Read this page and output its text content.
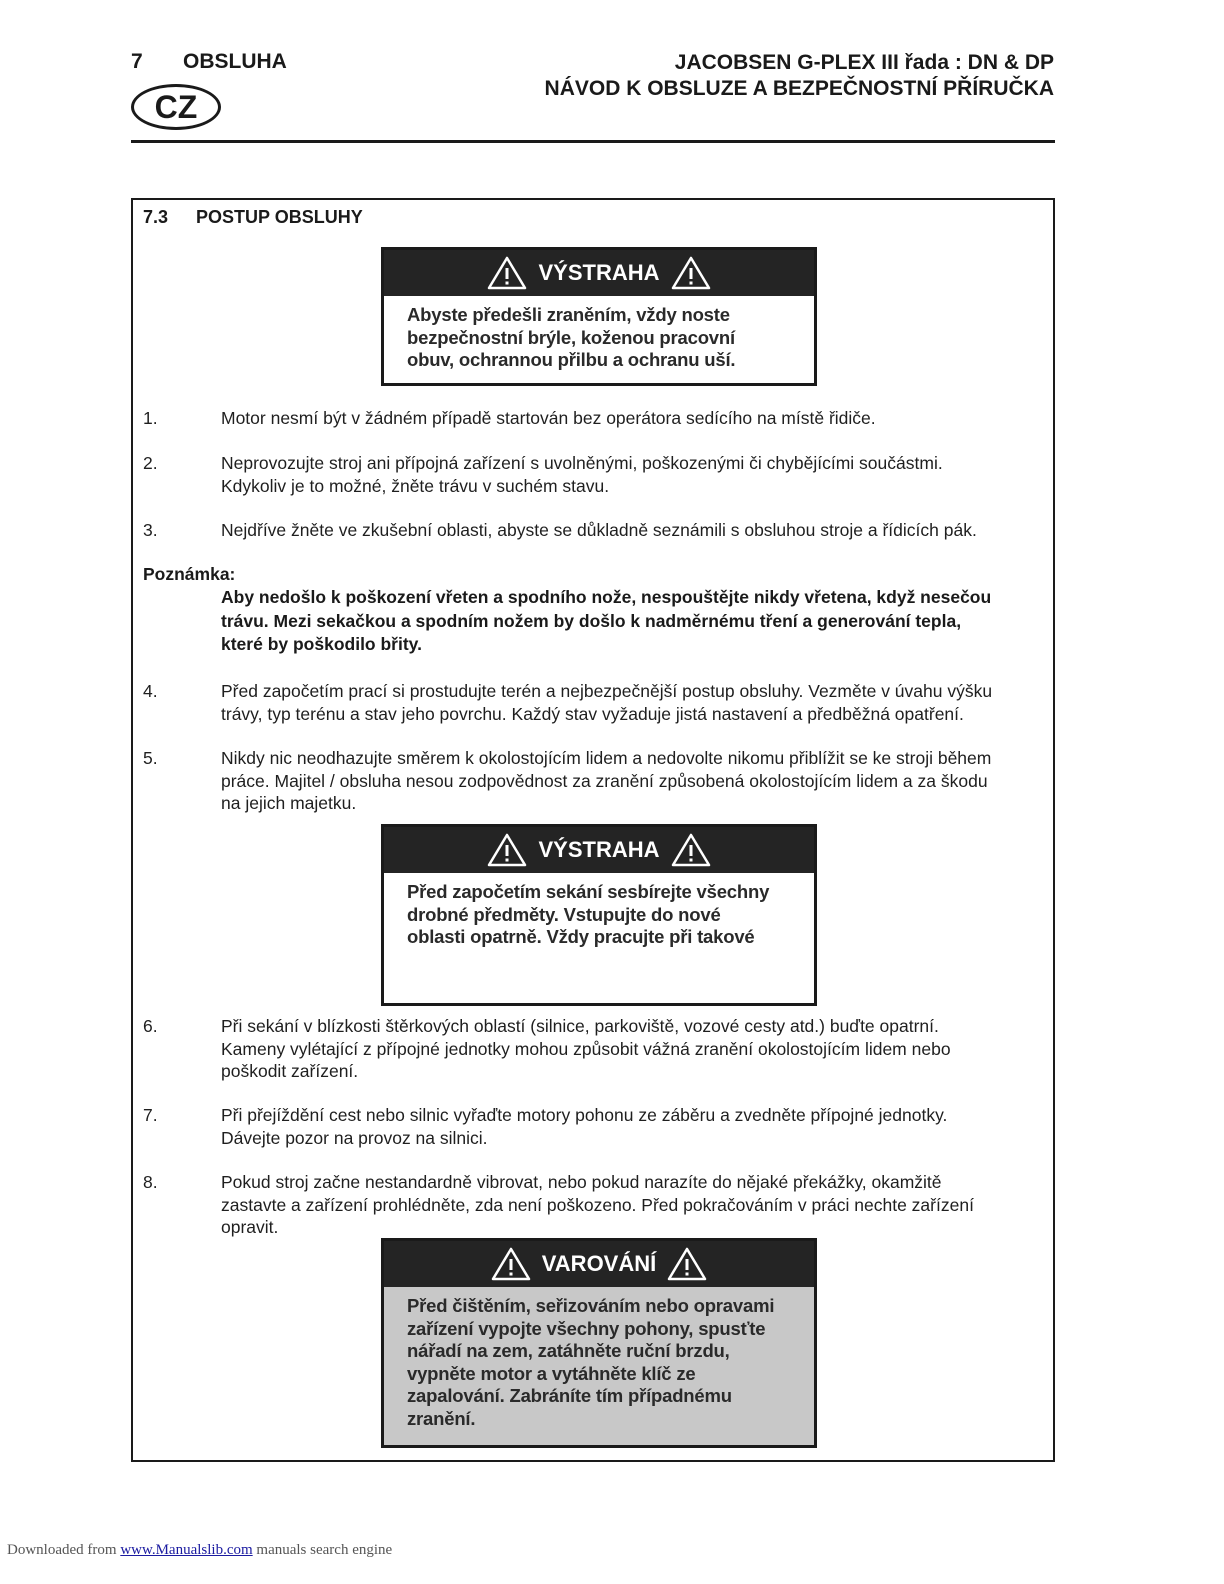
7 OBSLUHA
CZ
JACOBSEN G-PLEX III řada : DN & DP
NÁVOD K OBSLUZE A BEZPEČNOSTNÍ PŘÍRUČKA
7.3 POSTUP OBSLUHY
VÝSTRAHA
Abyste předešli zraněním, vždy noste
bezpečnostní brýle, koženou pracovní
obuv, ochrannou přilbu a ochranu uší.
1.	Motor nesmí být v žádném případě startován bez operátora sedícího na místě řidiče.
2.	Neprovozujte stroj ani přípojná zařízení s uvolněnými, poškozenými či chybějícími součástmi.
Kdykoliv je to možné, žněte trávu v suchém stavu.
3.	Nejdříve žněte ve zkušební oblasti, abyste se důkladně seznámili s obsluhou stroje a řídicích pák.
Poznámka:
Aby nedošlo k poškození vřeten a spodního nože, nespouštějte nikdy vřetena, když nesečou
trávu. Mezi sekačkou a spodním nožem by došlo k nadměrnému tření a generování tepla,
které by poškodilo břity.
4.	Před započetím prací si prostudujte terén a nejbezpečnější postup obsluhy. Vezměte v úvahu výšku
trávy, typ terénu a stav jeho povrchu. Každý stav vyžaduje jistá nastavení a předběžná opatření.
5.	Nikdy nic neodhazujte směrem k okolostojícím lidem a nedovolte nikomu přiblížit se ke stroji během
práce. Majitel / obsluha nesou zodpovědnost za zranění způsobená okolostojícím lidem a za škodu
na jejich majetku.
VÝSTRAHA
Před započetím sekání sesbírejte všechny
drobné předměty. Vstupujte do nové
oblasti opatrně. Vždy pracujte při takové
6.	Při sekání v blízkosti štěrkových oblastí (silnice, parkoviště, vozové cesty atd.) buďte opatrní.
Kameny vylétající z přípojné jednotky mohou způsobit vážná zranění okolostojícím lidem nebo
poškodit zařízení.
7.	Při přejíždění cest nebo silnic vyřaďte motory pohonu ze záběru a zvedněte přípojné jednotky.
Dávejte pozor na provoz na silnici.
8.	Pokud stroj začne nestandardně vibrovat, nebo pokud narazíte do nějaké překážky, okamžitě
zastavte a zařízení prohlédněte, zda není poškozeno. Před pokračováním v práci nechte zařízení
opravit.
VAROVÁNÍ
Před čištěním, seřizováním nebo opravami
zařízení vypojte všechny pohony, spusťte
nářadí na zem, zatáhněte ruční brzdu,
vypněte motor a vytáhněte klíč ze
zapalování. Zabráníte tím případnému
zranění.
Downloaded from www.Manualslib.com manuals search engine
